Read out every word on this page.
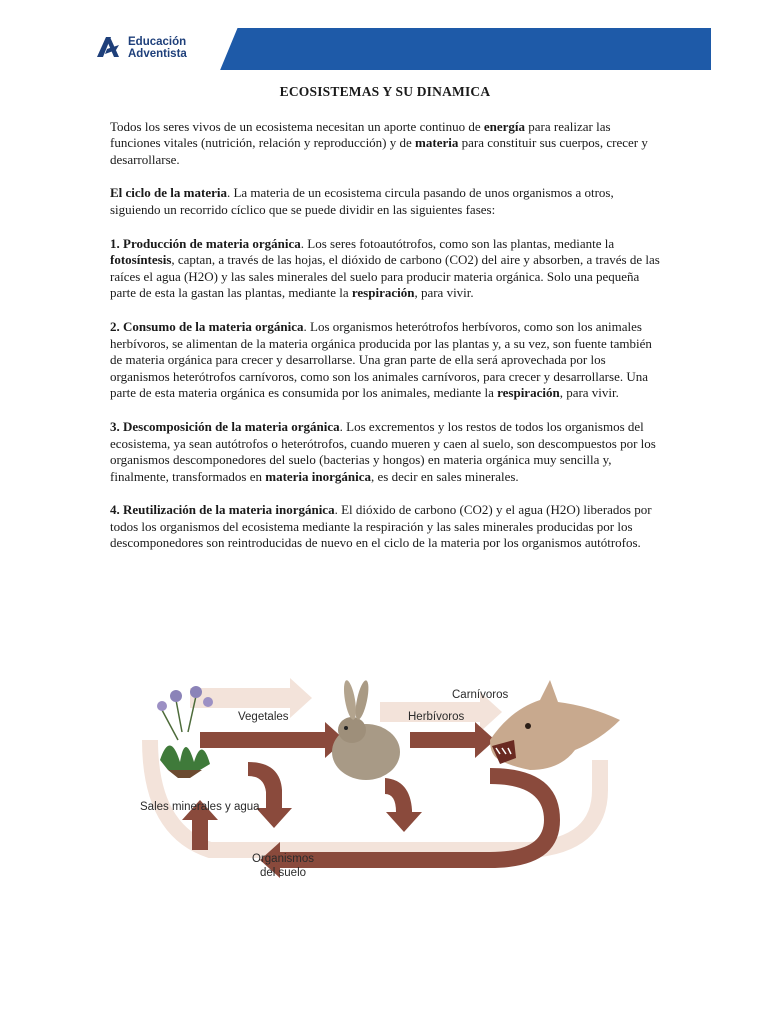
Educación
Adventista
ECOSISTEMAS Y SU DINAMICA

Todos los seres vivos de un ecosistema necesitan un aporte continuo de energía para realizar las funciones vitales (nutrición, relación y reproducción) y de materia para constituir sus cuerpos, crecer y desarrollarse.

El ciclo de la materia. La materia de un ecosistema circula pasando de unos organismos a otros, siguiendo un recorrido cíclico que se puede dividir en las siguientes fases:

1. Producción de materia orgánica. Los seres fotoautótrofos, como son las plantas, mediante la fotosíntesis, captan, a través de las hojas, el dióxido de carbono (CO2) del aire y absorben, a través de las raíces el agua (H2O) y las sales minerales del suelo para producir materia orgánica. Solo una pequeña parte de esta la gastan las plantas, mediante la respiración, para vivir.

2. Consumo de la materia orgánica. Los organismos heterótrofos herbívoros, como son los animales herbívoros, se alimentan de la materia orgánica producida por las plantas y, a su vez, son fuente también de materia orgánica para crecer y desarrollarse. Una gran parte de ella será aprovechada por los organismos heterótrofos carnívoros, como son los animales carnívoros, para crecer y desarrollarse. Una parte de esta materia orgánica es consumida por los animales, mediante la respiración, para vivir.

3. Descomposición de la materia orgánica. Los excrementos y los restos de todos los organismos del ecosistema, ya sean autótrofos o heterótrofos, cuando mueren y caen al suelo, son descompuestos por los organismos descomponedores del suelo (bacterias y hongos) en materia orgánica muy sencilla y, finalmente, transformados en materia inorgánica, es decir en sales minerales.

4. Reutilización de la materia inorgánica. El dióxido de carbono (CO2) y el agua (H2O) liberados por todos los organismos del ecosistema mediante la respiración y las sales minerales producidas por los descomponedores son reintroducidas de nuevo en el ciclo de la materia por los organismos autótrofos.

Vegetales	Herbívoros
Carnívoros
Sales minerales y agua
Organismos
del suelo
